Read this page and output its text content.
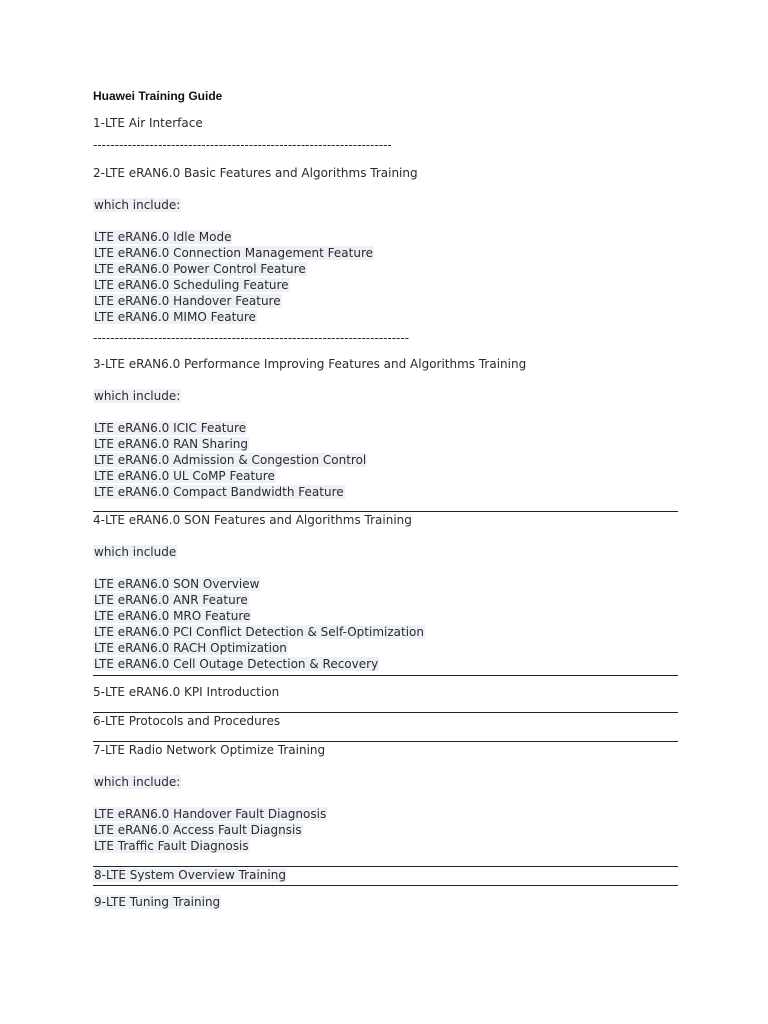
Huawei Training Guide
1-LTE Air Interface
---------------------------------------------------------------------
2-LTE eRAN6.0 Basic Features and Algorithms Training
which include:
LTE eRAN6.0 Idle Mode
LTE eRAN6.0 Connection Management Feature
LTE eRAN6.0 Power Control Feature
LTE eRAN6.0 Scheduling Feature
LTE eRAN6.0 Handover Feature
LTE eRAN6.0 MIMO Feature
-------------------------------------------------------------------------
3-LTE eRAN6.0 Performance Improving Features and Algorithms Training
which include:
LTE eRAN6.0 ICIC Feature
LTE eRAN6.0 RAN Sharing
LTE eRAN6.0 Admission & Congestion Control
LTE eRAN6.0 UL CoMP Feature
LTE eRAN6.0 Compact Bandwidth Feature
4-LTE eRAN6.0 SON Features and Algorithms Training
which include
LTE eRAN6.0 SON Overview
LTE eRAN6.0 ANR Feature
LTE eRAN6.0 MRO Feature
LTE eRAN6.0 PCI Conflict Detection & Self-Optimization
LTE eRAN6.0 RACH Optimization
LTE eRAN6.0 Cell Outage Detection & Recovery
5-LTE eRAN6.0 KPI Introduction
6-LTE Protocols and Procedures
7-LTE Radio Network Optimize Training
which include:
LTE eRAN6.0 Handover Fault Diagnosis
LTE eRAN6.0 Access Fault Diagnsis
LTE Traffic Fault Diagnosis
8-LTE System Overview Training
9-LTE Tuning Training
